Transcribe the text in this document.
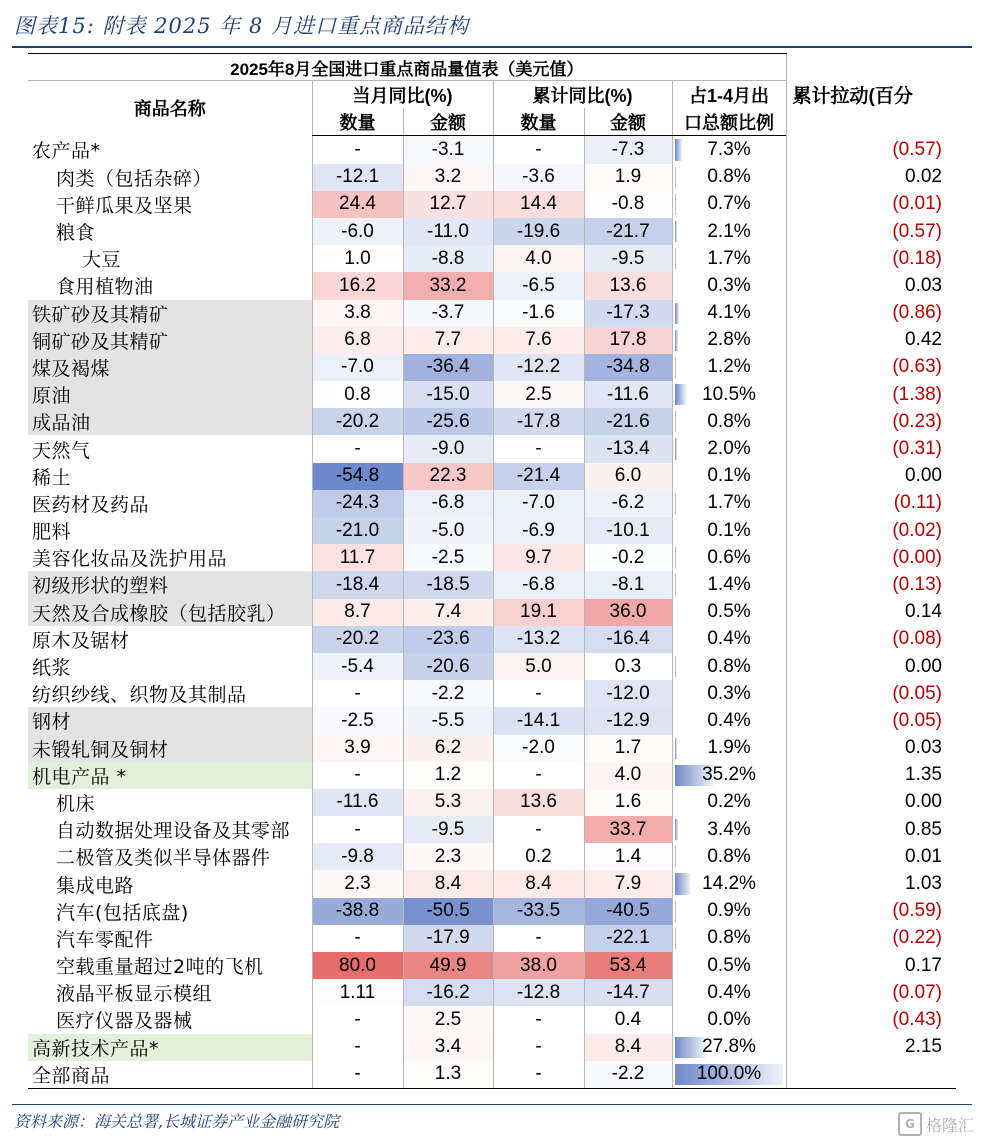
图表15: 附表 2025 年 8 月进口重点商品结构
2025年8月全国进口重点商品量值表（美元值）						累计拉动(百分
商品名称	当月同比(%)		累计同比(%)		占1-4月出	
	数量	金额	数量	金额	口总额比例	
农产品*	-	-3.1	-	-7.3	7.3%	(0.57)
肉类（包括杂碎）	-12.1	3.2	-3.6	1.9	0.8%	0.02
干鲜瓜果及坚果	24.4	12.7	14.4	-0.8	0.7%	(0.01)
粮食	-6.0	-11.0	-19.6	-21.7	2.1%	(0.57)
大豆	1.0	-8.8	4.0	-9.5	1.7%	(0.18)
食用植物油	16.2	33.2	-6.5	13.6	0.3%	0.03
铁矿砂及其精矿	3.8	-3.7	-1.6	-17.3	4.1%	(0.86)
铜矿砂及其精矿	6.8	7.7	7.6	17.8	2.8%	0.42
煤及褐煤	-7.0	-36.4	-12.2	-34.8	1.2%	(0.63)
原油	0.8	-15.0	2.5	-11.6	10.5%	(1.38)
成品油	-20.2	-25.6	-17.8	-21.6	0.8%	(0.23)
天然气	-	-9.0	-	-13.4	2.0%	(0.31)
稀土	-54.8	22.3	-21.4	6.0	0.1%	0.00
医药材及药品	-24.3	-6.8	-7.0	-6.2	1.7%	(0.11)
肥料	-21.0	-5.0	-6.9	-10.1	0.1%	(0.02)
美容化妆品及洗护用品	11.7	-2.5	9.7	-0.2	0.6%	(0.00)
初级形状的塑料	-18.4	-18.5	-6.8	-8.1	1.4%	(0.13)
天然及合成橡胶（包括胶乳）	8.7	7.4	19.1	36.0	0.5%	0.14
原木及锯材	-20.2	-23.6	-13.2	-16.4	0.4%	(0.08)
纸浆	-5.4	-20.6	5.0	0.3	0.8%	0.00
纺织纱线、织物及其制品	-	-2.2	-	-12.0	0.3%	(0.05)
钢材	-2.5	-5.5	-14.1	-12.9	0.4%	(0.05)
未锻轧铜及铜材	3.9	6.2	-2.0	1.7	1.9%	0.03
机电产品 *	-	1.2	-	4.0	35.2%	1.35
机床	-11.6	5.3	13.6	1.6	0.2%	0.00
自动数据处理设备及其零部	-	-9.5	-	33.7	3.4%	0.85
二极管及类似半导体器件	-9.8	2.3	0.2	1.4	0.8%	0.01
集成电路	2.3	8.4	8.4	7.9	14.2%	1.03
汽车(包括底盘)	-38.8	-50.5	-33.5	-40.5	0.9%	(0.59)
汽车零配件	-	-17.9	-	-22.1	0.8%	(0.22)
空载重量超过2吨的飞机	80.0	49.9	38.0	53.4	0.5%	0.17
液晶平板显示模组	1.11	-16.2	-12.8	-14.7	0.4%	(0.07)
医疗仪器及器械	-	2.5	-	0.4	0.0%	(0.43)
高新技术产品*	-	3.4	-	8.4	27.8%	2.15
全部商品	-	1.3	-	-2.2	100.0%	
资料来源：海关总署,长城证券产业金融研究院	G 格隆汇
